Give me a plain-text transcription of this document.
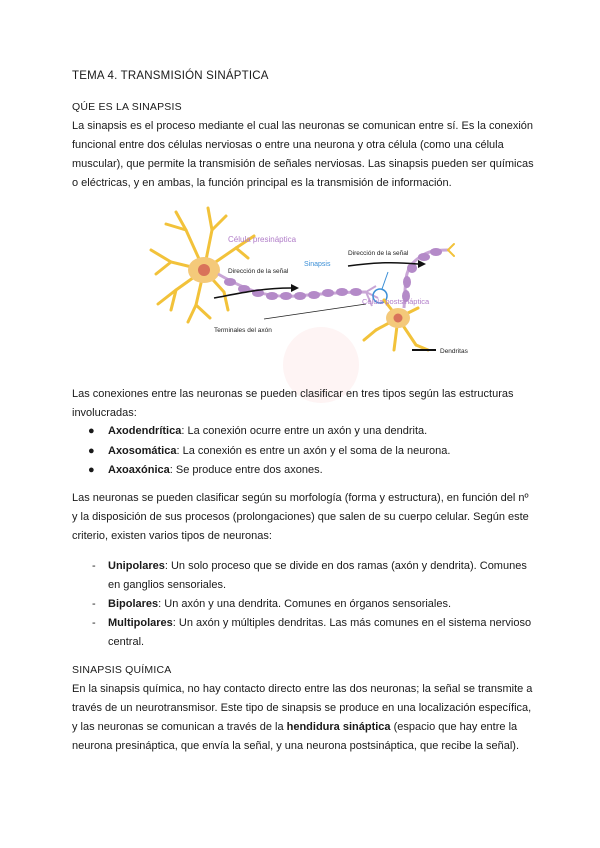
TEMA 4. TRANSMISIÓN SINÁPTICA
QÚE ES LA SINAPSIS
La sinapsis es el proceso mediante el cual las neuronas se comunican entre sí. Es la conexión funcional entre dos células nerviosas o entre una neurona y otra célula (como una célula muscular), que permite la transmisión de señales nerviosas. Las sinapsis pueden ser químicas o eléctricas, y en ambas, la función principal es la transmisión de información.
Célula presináptica
Dirección de la señal
Sinapsis
Dirección de la señal
Célula postsináptica
Terminales del axón
Dendritas
Las conexiones entre las neuronas se pueden clasificar en tres tipos según las estructuras involucradas:
● Axodendrítica: La conexión ocurre entre un axón y una dendrita.
● Axosomática: La conexión es entre un axón y el soma de la neurona.
● Axoaxónica: Se produce entre dos axones.
Las neuronas se pueden clasificar según su morfología (forma y estructura), en función del nº y la disposición de sus procesos (prolongaciones) que salen de su cuerpo celular. Según este criterio, existen varios tipos de neuronas:
- Unipolares: Un solo proceso que se divide en dos ramas (axón y dendrita). Comunes en ganglios sensoriales.
- Bipolares: Un axón y una dendrita. Comunes en órganos sensoriales.
- Multipolares: Un axón y múltiples dendritas. Las más comunes en el sistema nervioso central.
SINAPSIS QUÍMICA
En la sinapsis química, no hay contacto directo entre las dos neuronas; la señal se transmite a través de un neurotransmisor. Este tipo de sinapsis se produce en una localización específica, y las neuronas se comunican a través de la hendidura sináptica (espacio que hay entre la neurona presináptica, que envía la señal, y una neurona postsináptica, que recibe la señal).
